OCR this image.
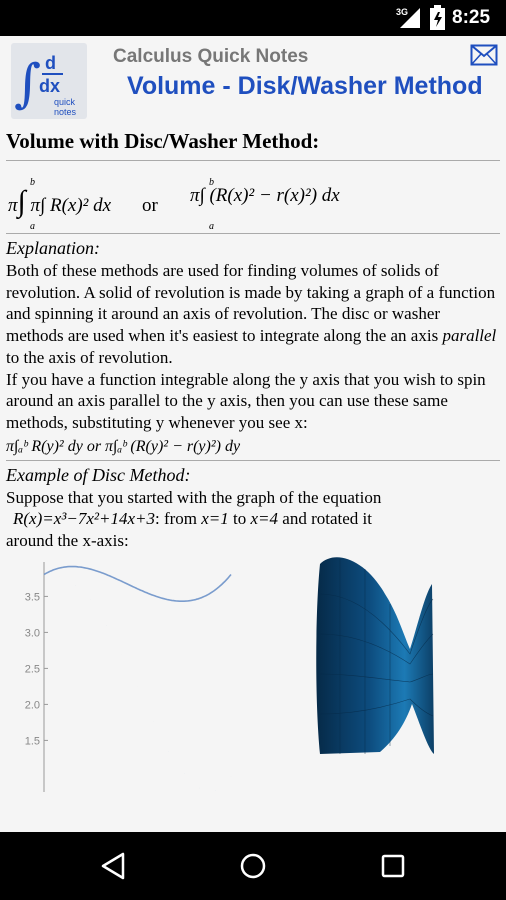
3G 8:25
∫ d
dx
quick
notes
Calculus Quick Notes
Volume - Disk/Washer Method
Volume with Disc/Washer Method:
π∫ π∫ R(x)² dx
b
a
or π∫ (R(x)² − r(x)²) dx
b
a
Explanation:
Both of these methods are used for finding volumes of solids of revolution. A solid of revolution is made by taking a graph of a function and spinning it around an axis of revolution. The disc or washer methods are used when it's easiest to integrate along the an axis parallel to the axis of revolution.
If you have a function integrable along the y axis that you wish to spin around an axis parallel to the y axis, then you can use these same methods, substituting y whenever you see x:
π∫ₐᵇ R(y)² dy or π∫ₐᵇ (R(y)² − r(y)²) dy
Example of Disc Method:
Suppose that you started with the graph of the equation
R(x)=x³−7x²+14x+3: from x=1 to x=4 and rotated it
around the x-axis:
1.5
2.0
2.5
3.0
3.5
